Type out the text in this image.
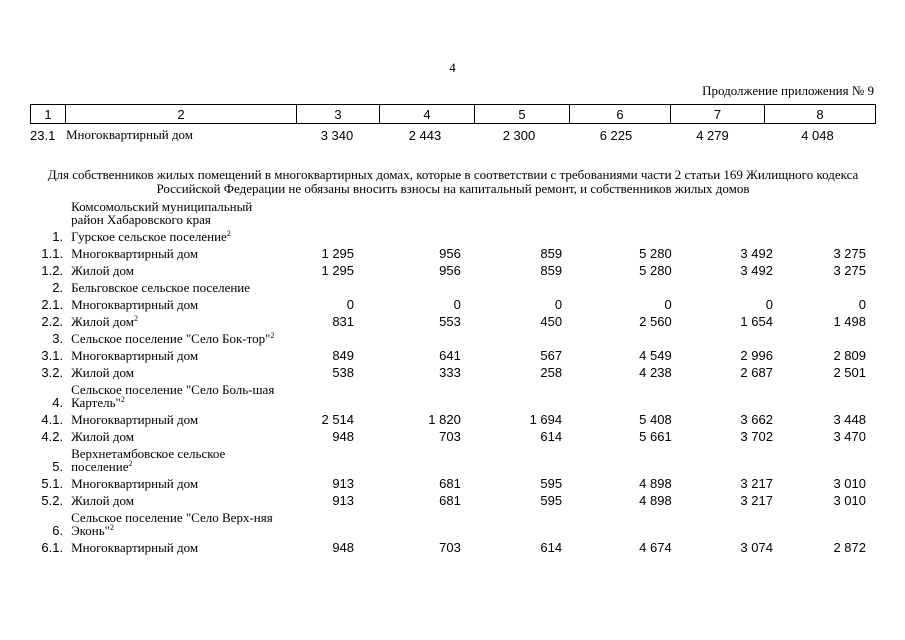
4
Продолжение приложения № 9
1	2	3	4	5	6	7	8
23.1	Многоквартирный дом	3 340	2 443	2 300	6 225	4 279	4 048
Для собственников жилых помещений в многоквартирных домах, которые в соответствии с требованиями части 2 статьи 169 Жилищного кодекса Российской Федерации не обязаны вносить взносы на капитальный ремонт, и собственников жилых домов
	Комсомольский муниципальный район Хабаровского края						

1.	Гурское сельское поселение$^2$						

1.1.	Многоквартирный дом	1 295	956	859	5 280	3 492	3 275

1.2.	Жилой дом	1 295	956	859	5 280	3 492	3 275

2.	Бельговское сельское поселение						

2.1.	Многоквартирный дом	0	0	0	0	0	0

2.2.	Жилой дом$^2$	831	553	450	2 560	1 654	1 498

3.	Сельское поселение "Село Бок-тор"$^2$						

3.1.	Многоквартирный дом	849	641	567	4 549	2 996	2 809

3.2.	Жилой дом	538	333	258	4 238	2 687	2 501

4.	Сельское поселение "Село Боль-шая Картель"$^2$						

4.1.	Многоквартирный дом	2 514	1 820	1 694	5 408	3 662	3 448

4.2.	Жилой дом	948	703	614	5 661	3 702	3 470

5.	Верхнетамбовское сельское поселение$^2$						

5.1.	Многоквартирный дом	913	681	595	4 898	3 217	3 010

5.2.	Жилой дом	913	681	595	4 898	3 217	3 010

6.	Сельское поселение "Село Верх-няя Эконь"$^2$						

6.1.	Многоквартирный дом	948	703	614	4 674	3 074	2 872
